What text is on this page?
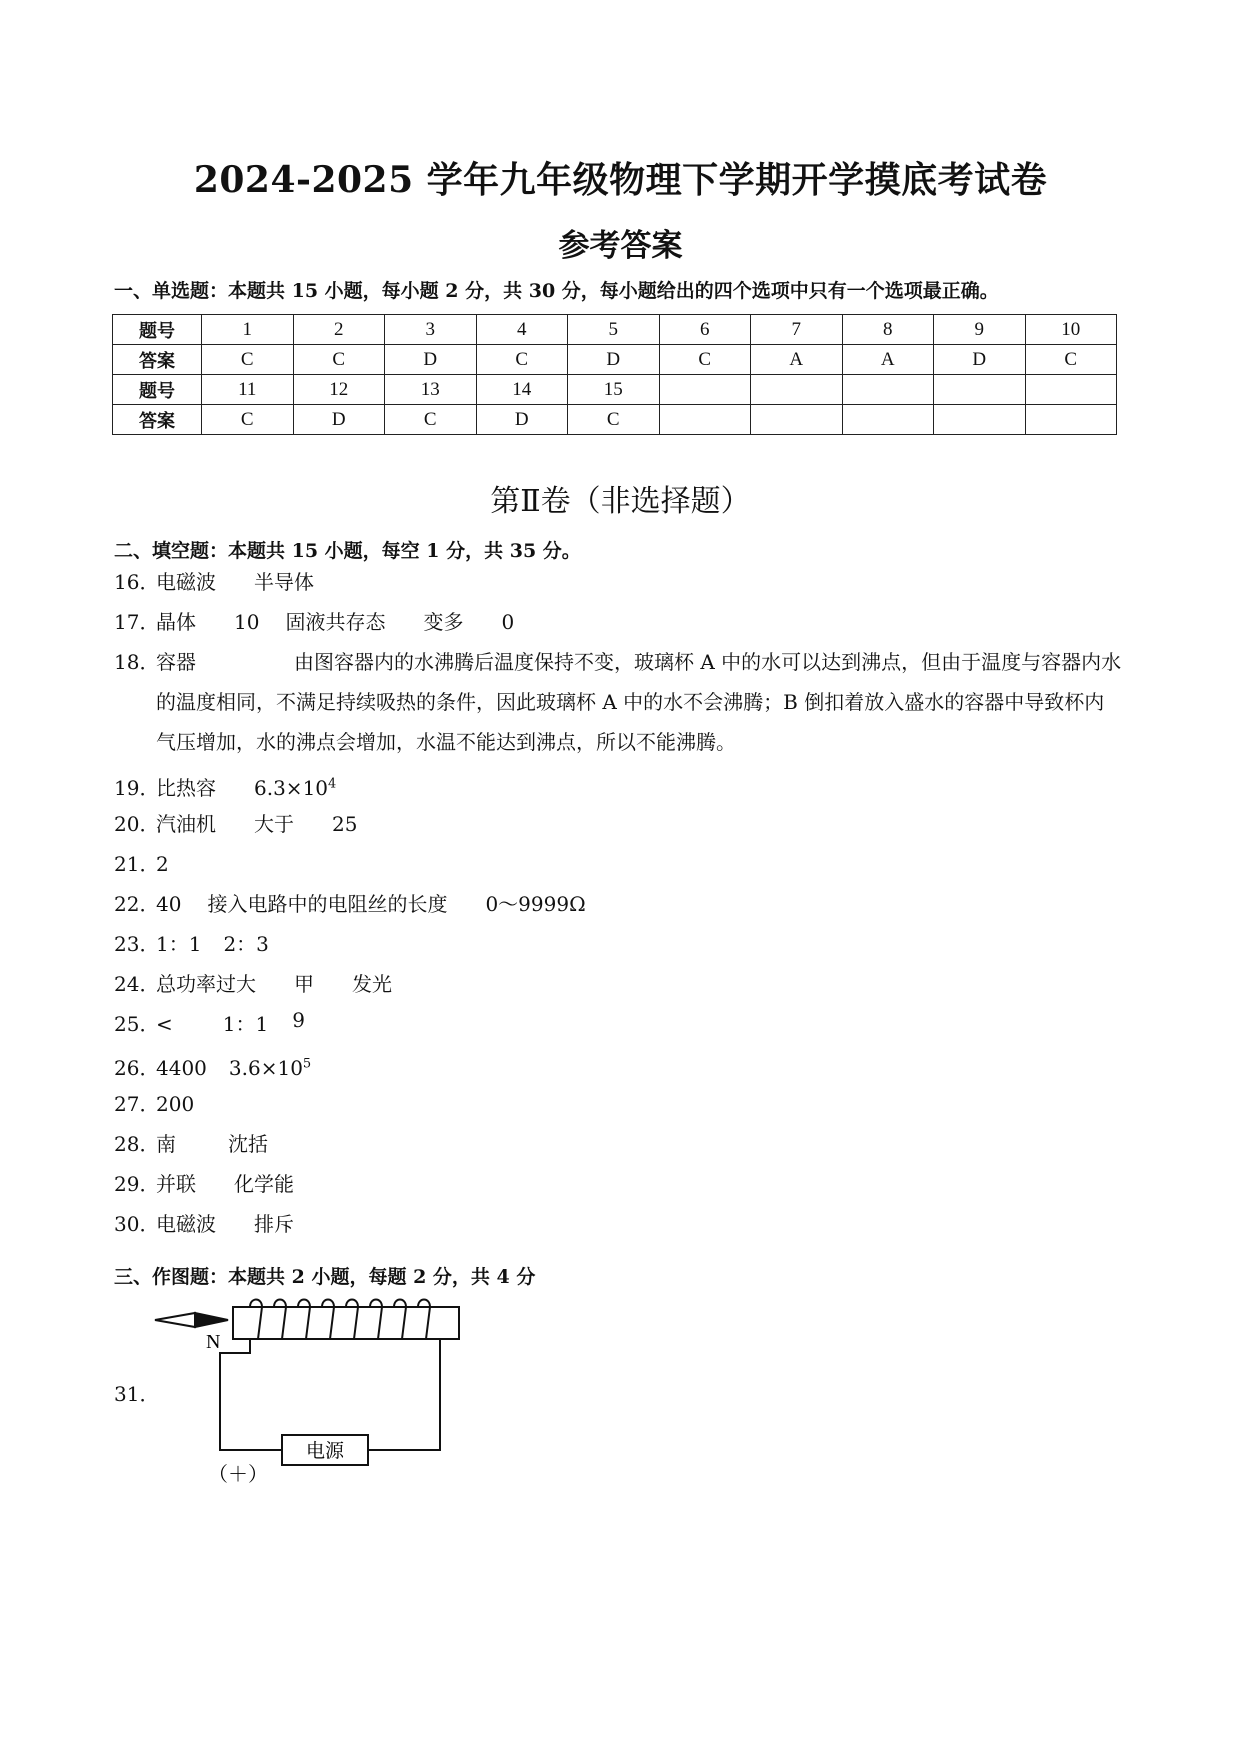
2024-2025 学年九年级物理下学期开学摸底考试卷
参考答案
一、单选题：本题共 15 小题，每小题 2 分，共 30 分，每小题给出的四个选项中只有一个选项最正确。
题号	1	2	3	4	5	6	7	8	9	10
答案	C	C	D	C	D	C	A	A	D	C
题号	11	12	13	14	15					
答案	C	D	C	D	C					
第Ⅱ卷（非选择题）
二、填空题：本题共 15 小题，每空 1 分，共 35 分。
16．电磁波 半导体
17．晶体 10 固液共存态 变多 0
18．容器	由图容器内的水沸腾后温度保持不变，玻璃杯 A 中的水可以达到沸点，但由于温度与容器内水的温度相同，不满足持续吸热的条件，因此玻璃杯 A 中的水不会沸腾；B 倒扣着放入盛水的容器中导致杯内气压增加，水的沸点会增加，水温不能达到沸点，所以不能沸腾。
19．比热容 $6.3\times 10^4$
20．汽油机 大于 25
21．2
22．40 接入电路中的电阻丝的长度 0～9999Ω
23．1：1 2：3
24．总功率过大 甲 发光
25．<	1：1 9
26．4400 $3.6\times 10^5$
27．200
28．南	沈括
29．并联 化学能
30．电磁波 排斥
三、作图题：本题共 2 小题，每题 2 分，共 4 分
31．
N
电源
（＋）
